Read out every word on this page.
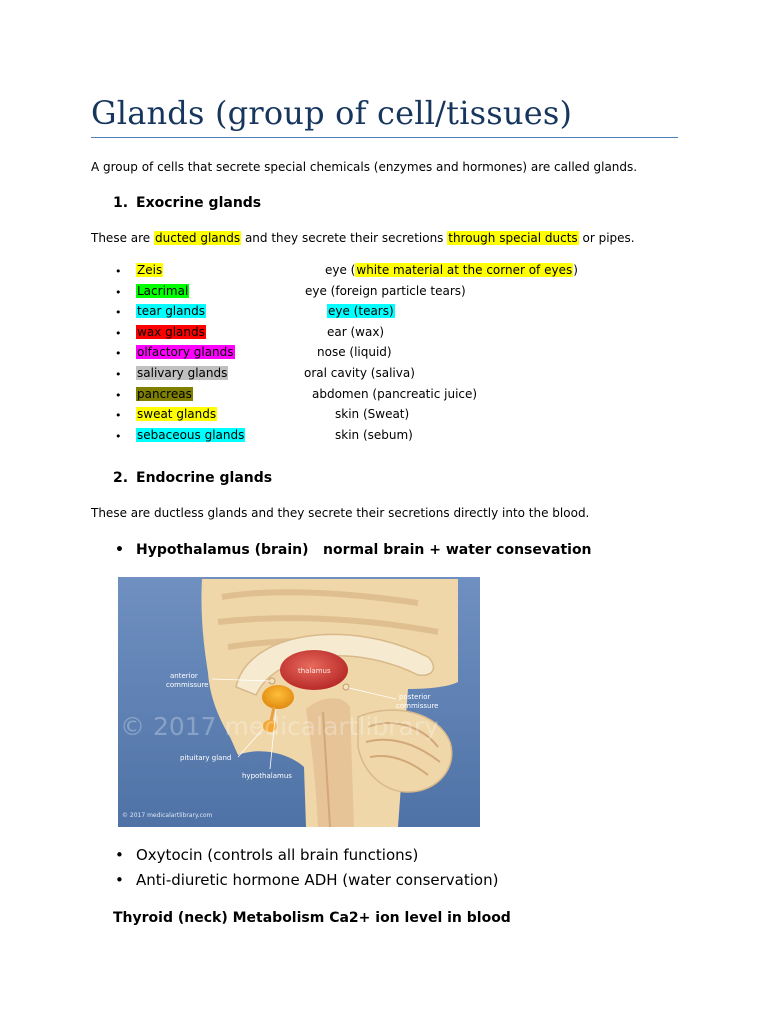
Glands (group of cell/tissues)
A group of cells that secrete special chemicals (enzymes and hormones) are called glands.
1. Exocrine glands
These are ducted glands and they secrete their secretions through special ducts or pipes.
• Zeis	eye (white material at the corner of eyes)
• Lacrimal	eye (foreign particle tears)
• tear glands	eye (tears)
• wax glands	ear (wax)
• olfactory glands	nose (liquid)
• salivary glands	oral cavity (saliva)
• pancreas	abdomen (pancreatic juice)
• sweat glands	skin (Sweat)
• sebaceous glands	skin (sebum)
2. Endocrine glands
These are ductless glands and they secrete their secretions directly into the blood.
• Hypothalamus (brain) normal brain + water consevation
anterior
commissure
thalamus
posterior
commissure
pituitary gland
hypothalamus
© 2017 medicalartlibrary
© 2017 medicalartlibrary.com
• Oxytocin (controls all brain functions)
• Anti-diuretic hormone ADH (water conservation)
Thyroid (neck) Metabolism Ca2+ ion level in blood
